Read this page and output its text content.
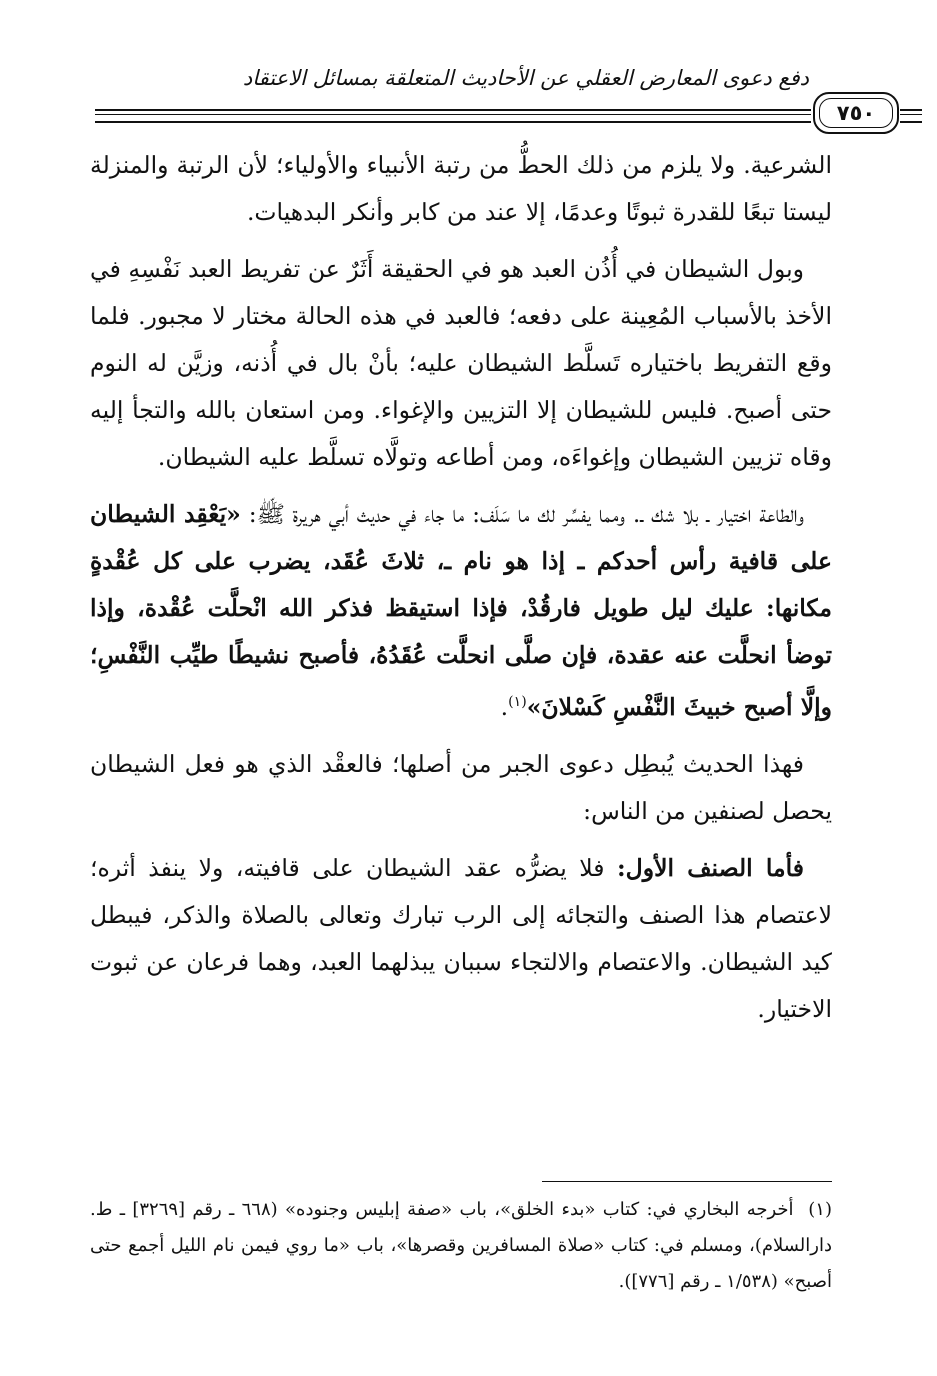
دفع دعوى المعارض العقلي عن الأحاديث المتعلقة بمسائل الاعتقاد
٧٥٠

الشرعية. ولا يلزم من ذلك الحطُّ من رتبة الأنبياء والأولياء؛ لأن الرتبة والمنزلة ليستا تبعًا للقدرة ثبوتًا وعدمًا، إلا عند من كابر وأنكر البدهيات.

وبول الشيطان في أُذُن العبد هو في الحقيقة أَثَرٌ عن تفريط العبد نَفْسِهِ في الأخذ بالأسباب المُعِينة على دفعه؛ فالعبد في هذه الحالة مختار لا مجبور. فلما وقع التفريط باختياره تَسلَّط الشيطان عليه؛ بأنْ بال في أُذنه، وزيَّن له النوم حتى أصبح. فليس للشيطان إلا التزيين والإغواء. ومن استعان بالله والتجأ إليه وقاه تزيين الشيطان وإغواءَه، ومن أطاعه وتولَّاه تسلَّط عليه الشيطان.

والطاعة اختيار ـ بلا شك ـ. ومما يفسِّر لك ما سَلَف: ما جاء في حديث أبي هريرة ﷺ: «يَعْقِد الشيطان على قافية رأس أحدكم ـ إذا هو نام ـ، ثلاثَ عُقَد، يضرب على كل عُقْدةٍ مكانها: عليك ليل طويل فارقُدْ، فإذا استيقظ فذكر الله انْحلَّت عُقْدة، وإذا توضأ انحلَّت عنه عقدة، فإن صلَّى انحلَّت عُقَدُهُ، فأصبح نشيطًا طيِّب النَّفْسِ؛ وإلَّا أصبح خبيثَ النَّفْسِ كَسْلانَ»$^{(١)}$.

فهذا الحديث يُبطِل دعوى الجبر من أصلها؛ فالعقْد الذي هو فعل الشيطان يحصل لصنفين من الناس:

فأما الصنف الأول: فلا يضرُّه عقد الشيطان على قافيته، ولا ينفذ أثره؛ لاعتصام هذا الصنف والتجائه إلى الرب تبارك وتعالى بالصلاة والذكر، فيبطل كيد الشيطان. والاعتصام والالتجاء سببان يبذلهما العبد، وهما فرعان عن ثبوت الاختيار.

(١)  أخرجه البخاري في: كتاب «بدء الخلق»، باب «صفة إبليس وجنوده» (٦٦٨ ـ رقم [٣٢٦٩] ـ ط. دارالسلام)، ومسلم في: كتاب «صلاة المسافرين وقصرها»، باب «ما روي فيمن نام الليل أجمع حتى أصبح» (١/٥٣٨ ـ رقم [٧٧٦]).
